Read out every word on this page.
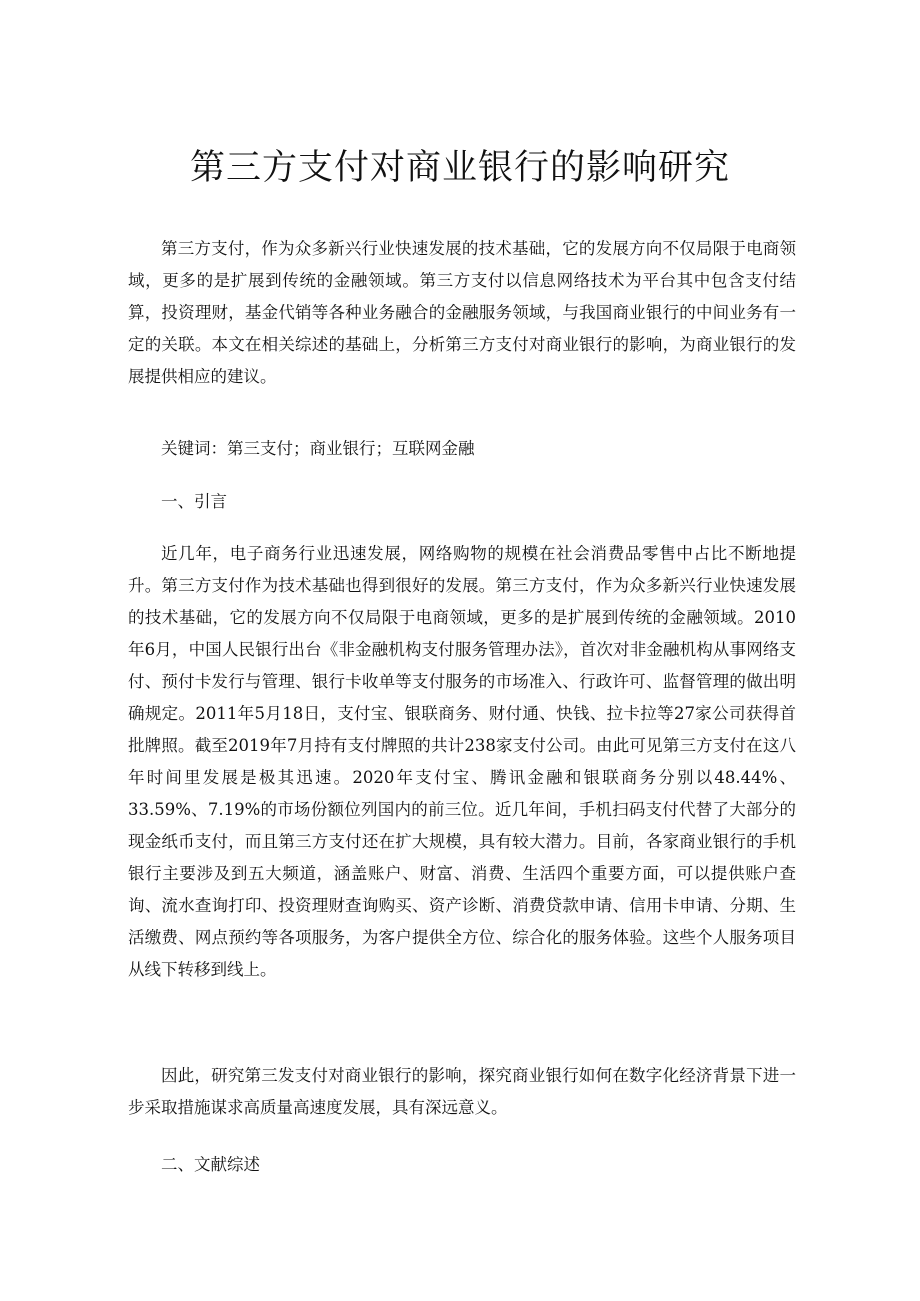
第三方支付对商业银行的影响研究

第三方支付，作为众多新兴行业快速发展的技术基础，它的发展方向不仅局限于电商领域，更多的是扩展到传统的金融领域。第三方支付以信息网络技术为平台其中包含支付结算，投资理财，基金代销等各种业务融合的金融服务领域，与我国商业银行的中间业务有一定的关联。本文在相关综述的基础上，分析第三方支付对商业银行的影响，为商业银行的发展提供相应的建议。

关键词：第三支付；商业银行；互联网金融

一、引言

近几年，电子商务行业迅速发展，网络购物的规模在社会消费品零售中占比不断地提升。第三方支付作为技术基础也得到很好的发展。第三方支付，作为众多新兴行业快速发展的技术基础，它的发展方向不仅局限于电商领域，更多的是扩展到传统的金融领域。2010年6月，中国人民银行出台《非金融机构支付服务管理办法》，首次对非金融机构从事网络支付、预付卡发行与管理、银行卡收单等支付服务的市场准入、行政许可、监督管理的做出明确规定。2011年5月18日，支付宝、银联商务、财付通、快钱、拉卡拉等27家公司获得首批牌照。截至2019年7月持有支付牌照的共计238家支付公司。由此可见第三方支付在这八年时间里发展是极其迅速。2020年支付宝、腾讯金融和银联商务分别以48.44%、33.59%、7.19%的市场份额位列国内的前三位。近几年间，手机扫码支付代替了大部分的现金纸币支付，而且第三方支付还在扩大规模，具有较大潜力。目前，各家商业银行的手机银行主要涉及到五大频道，涵盖账户、财富、消费、生活四个重要方面，可以提供账户查询、流水查询打印、投资理财查询购买、资产诊断、消费贷款申请、信用卡申请、分期、生活缴费、网点预约等各项服务，为客户提供全方位、综合化的服务体验。这些个人服务项目从线下转移到线上。

因此，研究第三发支付对商业银行的影响，探究商业银行如何在数字化经济背景下进一步采取措施谋求高质量高速度发展，具有深远意义。

二、文献综述
